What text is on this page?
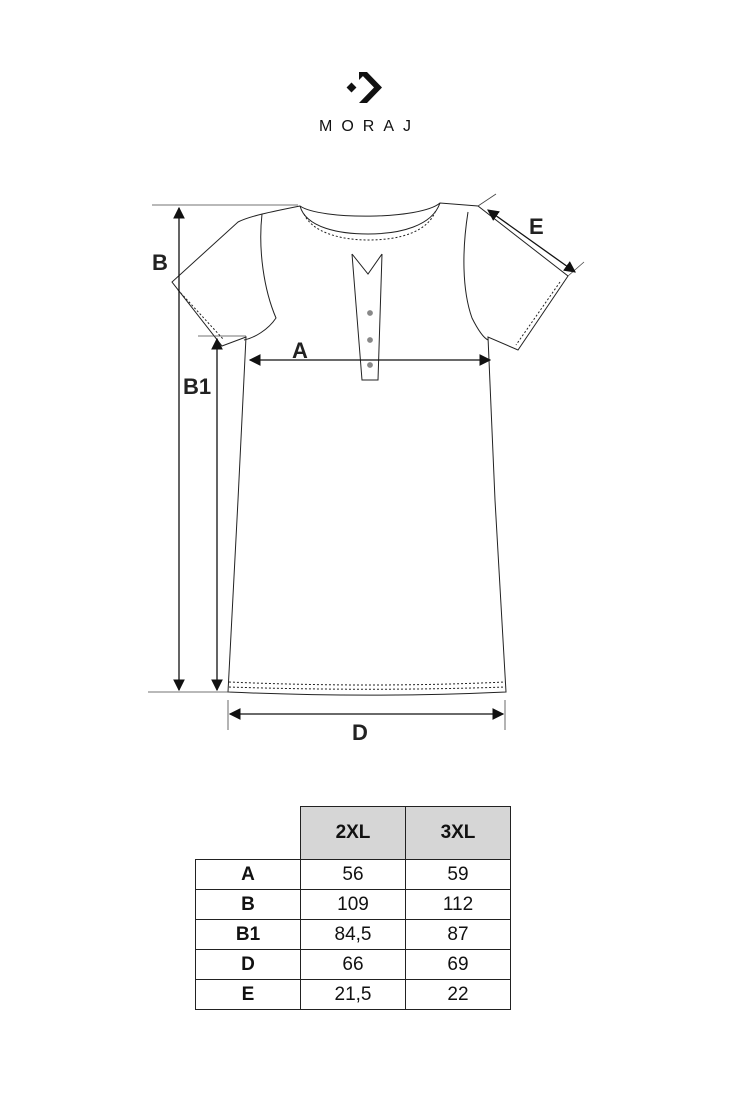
MORAJ
A
B
B1
D
E
	2XL	3XL
A	56	59
B	109	112
B1	84,5	87
D	66	69
E	21,5	22
